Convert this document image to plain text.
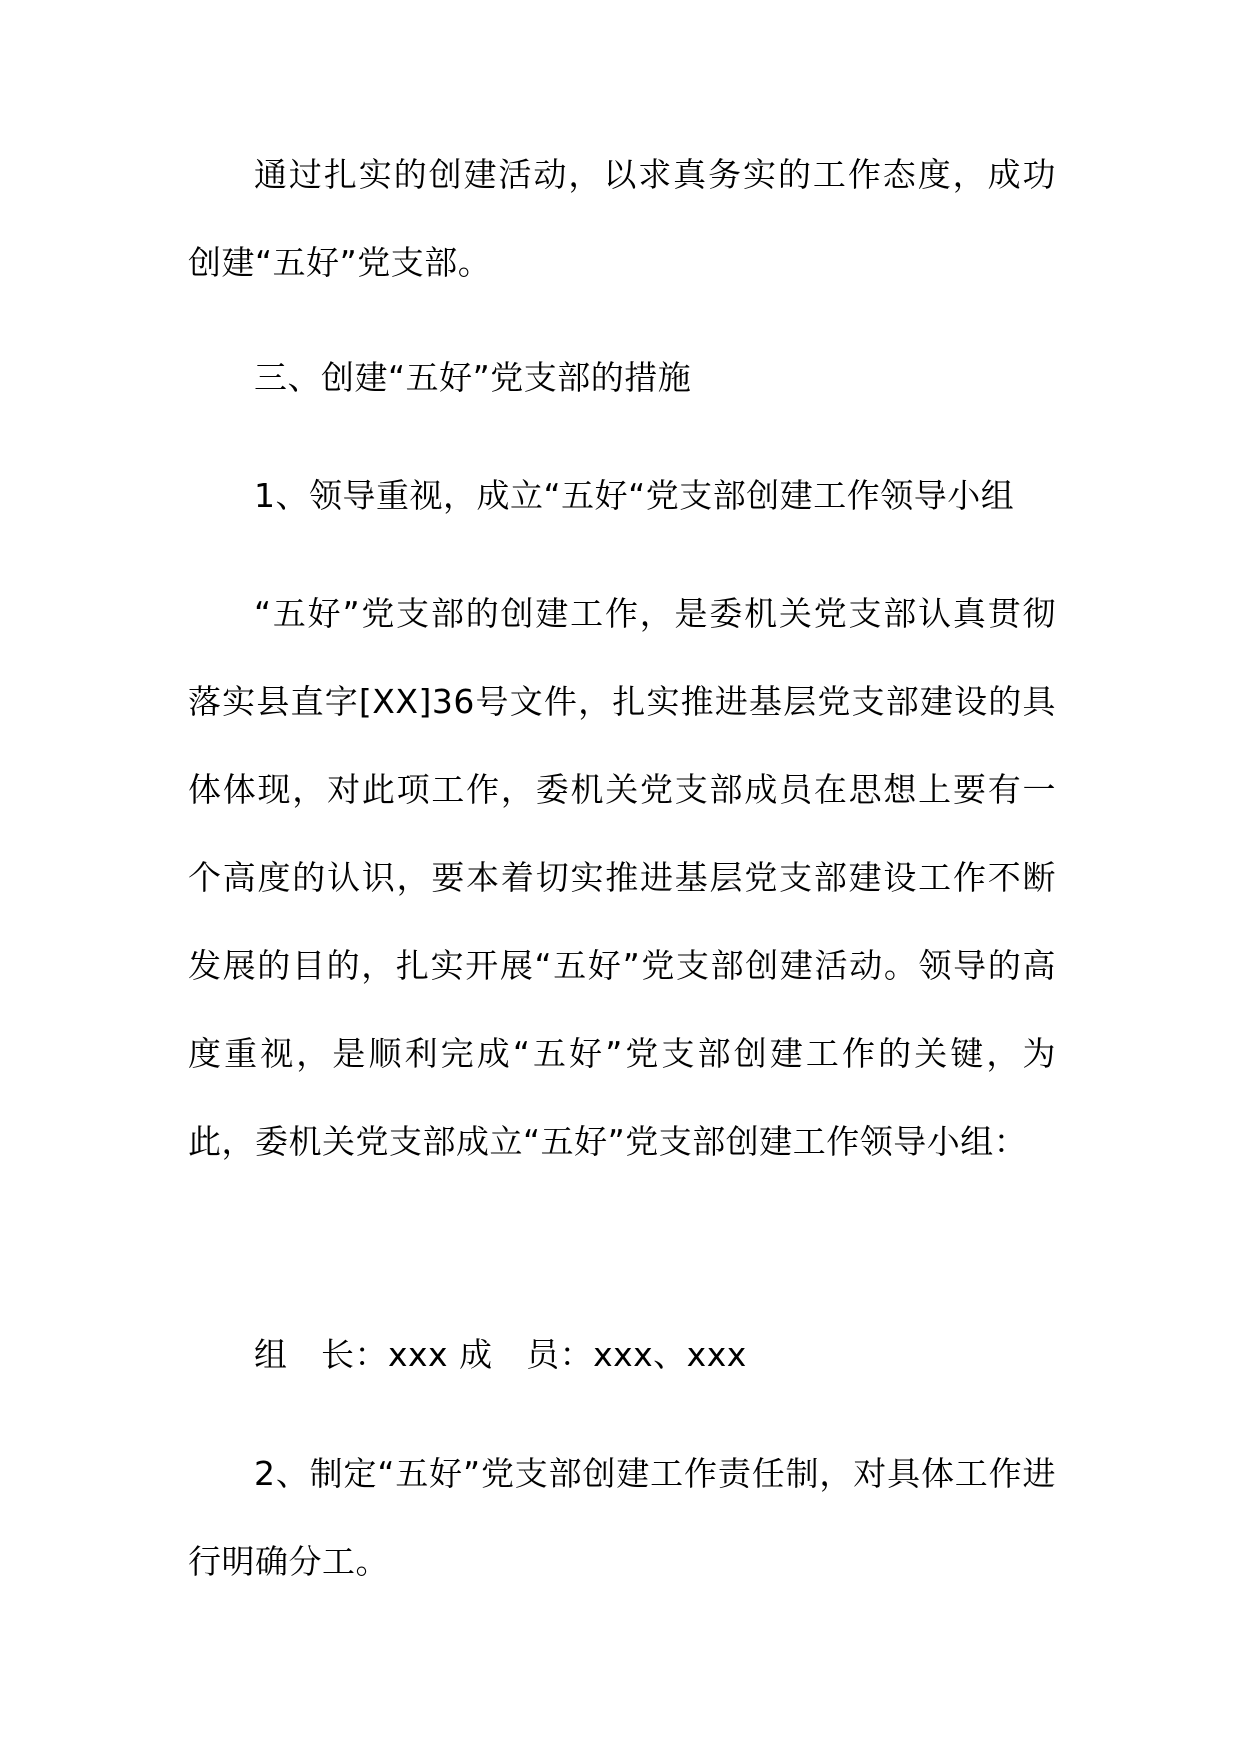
通过扎实的创建活动，以求真务实的工作态度，成功创建“五好”党支部。

三、创建“五好”党支部的措施

1、领导重视，成立“五好“党支部创建工作领导小组

“五好”党支部的创建工作，是委机关党支部认真贯彻落实县直字[XX]36号文件，扎实推进基层党支部建设的具体体现，对此项工作，委机关党支部成员在思想上要有一个高度的认识，要本着切实推进基层党支部建设工作不断发展的目的，扎实开展“五好”党支部创建活动。领导的高度重视，是顺利完成“五好”党支部创建工作的关键，为此，委机关党支部成立“五好”党支部创建工作领导小组：

组　长：xxx 成　员：xxx、xxx

2、制定“五好”党支部创建工作责任制，对具体工作进行明确分工。
